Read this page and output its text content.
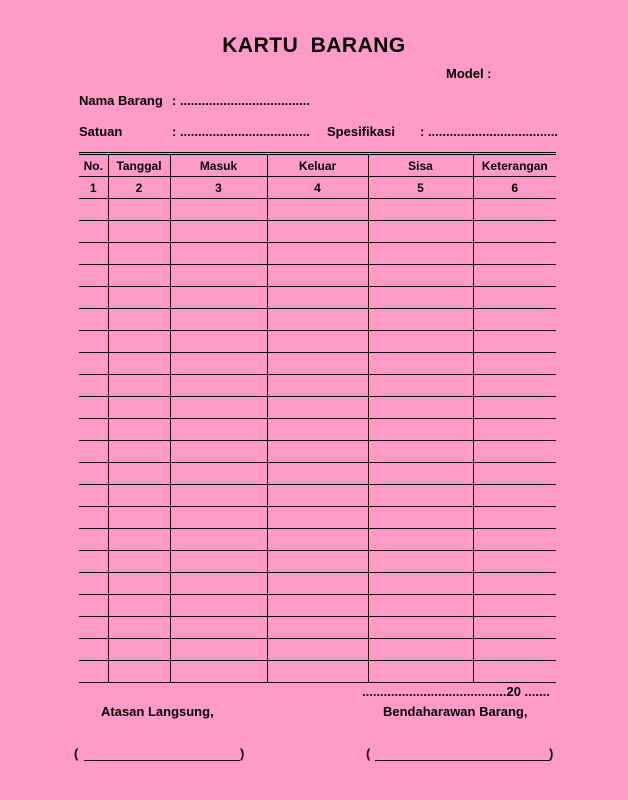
KARTU BARANG
Model :
Nama Barang : ....................................
Satuan	: .................................... Spesifikasi : ....................................
No.	Tanggal	Masuk	Keluar	Sisa	Keterangan
1	2	3	4	5	6

........................................20 .......
Atasan Langsung,	Bendaharawan Barang,
(	)	(	)
